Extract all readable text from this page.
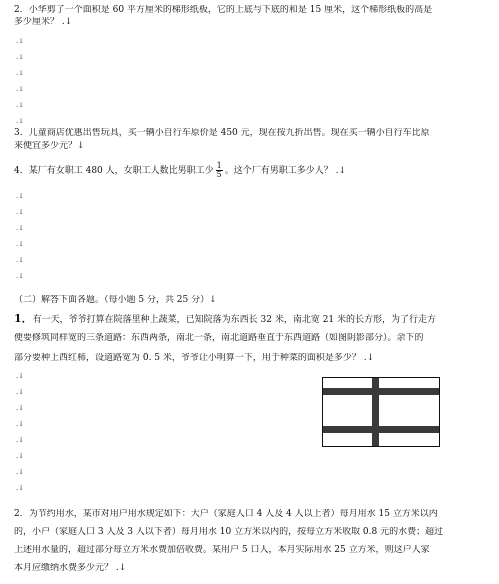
2．小华剪了一个面积是 60 平方厘米的梯形纸板，它的上底与下底的和是 15 厘米，这个梯形纸板的高是
多少厘米？ .↓
.↓
.↓
.↓
.↓
.↓
.↓
3．儿童商店优惠出售玩具，买一辆小自行车原价是 450 元，现在按九折出售。现在买一辆小自行车比原
来便宜多少元？↓
4．某厂有女职工 480 人，女职工人数比男职工少 $\frac{1}{5}$ 。这个厂有男职工多少人？ .↓
.↓
.↓
.↓
.↓
.↓
.↓
（二）解答下面各题。（每小题 5 分，共 25 分）↓
1．有一天，爷爷打算在院落里种上蔬菜，已知院落为东西长 32 米，南北宽 21 米的长方形，为了行走方
便要修筑同样宽的三条道路：东西两条，南北一条，南北道路垂直于东西道路（如图阴影部分）。余下的
部分要种上西红柿，设道路宽为 0. 5 米，爷爷让小明算一下，用于种菜的面积是多少？ .↓
.↓
.↓
.↓
.↓
.↓
.↓
.↓
.↓
2．为节约用水，某市对用户用水规定如下：大户（家庭人口 4 人及 4 人以上者）每月用水 15 立方米以内
的，小户（家庭人口 3 人及 3 人以下者）每月用水 10 立方米以内的，按每立方米收取 0.8 元的水费；超过
上述用水量的，超过部分每立方米水费加倍收费。某用户 5 口人，本月实际用水 25 立方米，则这户人家
本月应缴纳水费多少元？ .↓
